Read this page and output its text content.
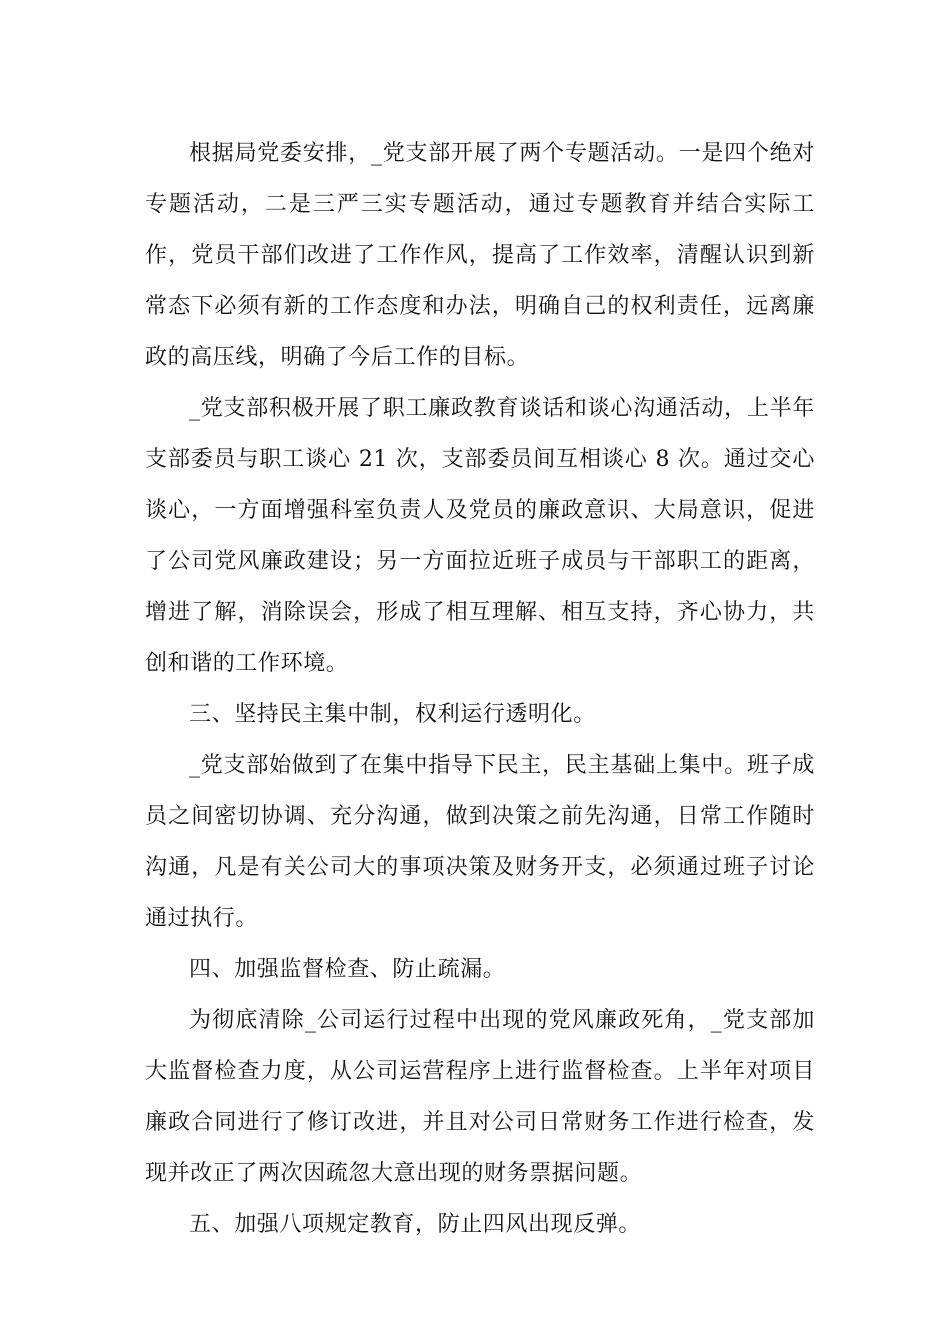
根据局党委安排，_党支部开展了两个专题活动。一是四个绝对专题活动，二是三严三实专题活动，通过专题教育并结合实际工作，党员干部们改进了工作作风，提高了工作效率，清醒认识到新常态下必须有新的工作态度和办法，明确自己的权利责任，远离廉政的高压线，明确了今后工作的目标。

_党支部积极开展了职工廉政教育谈话和谈心沟通活动，上半年支部委员与职工谈心 21 次，支部委员间互相谈心 8 次。通过交心谈心，一方面增强科室负责人及党员的廉政意识、大局意识，促进了公司党风廉政建设；另一方面拉近班子成员与干部职工的距离，增进了解，消除误会，形成了相互理解、相互支持，齐心协力，共创和谐的工作环境。

三、坚持民主集中制，权利运行透明化。

_党支部始做到了在集中指导下民主，民主基础上集中。班子成员之间密切协调、充分沟通，做到决策之前先沟通，日常工作随时沟通，凡是有关公司大的事项决策及财务开支，必须通过班子讨论通过执行。

四、加强监督检查、防止疏漏。

为彻底清除_公司运行过程中出现的党风廉政死角，_党支部加大监督检查力度，从公司运营程序上进行监督检查。上半年对项目廉政合同进行了修订改进，并且对公司日常财务工作进行检查，发现并改正了两次因疏忽大意出现的财务票据问题。

五、加强八项规定教育，防止四风出现反弹。
